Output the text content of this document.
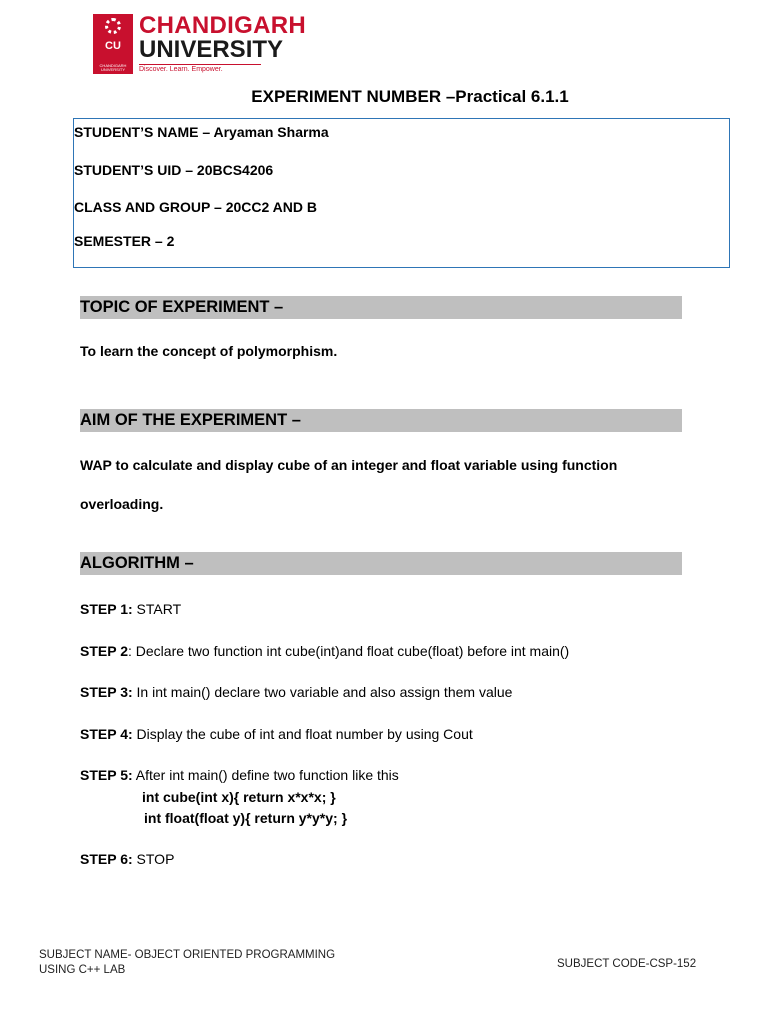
CU
CHANDIGARH UNIVERSITY
CHANDIGARH
UNIVERSITY
Discover. Learn. Empower.
EXPERIMENT NUMBER –Practical 6.1.1
STUDENT’S NAME – Aryaman Sharma
STUDENT’S UID – 20BCS4206
CLASS AND GROUP – 20CC2 AND B
SEMESTER – 2
TOPIC OF EXPERIMENT –
To learn the concept of polymorphism.
AIM OF THE EXPERIMENT –
WAP to calculate and display cube of an integer and float variable using function
overloading.
ALGORITHM –
STEP 1: START
STEP 2: Declare two function int cube(int)and float cube(float) before int main()
STEP 3: In int main() declare two variable and also assign them value
STEP 4: Display the cube of int and float number by using Cout
STEP 5: After int main() define two function like this
int cube(int x){ return x*x*x; }
int float(float y){ return y*y*y; }
STEP 6: STOP
SUBJECT NAME- OBJECT ORIENTED PROGRAMMING
USING C++ LAB	SUBJECT CODE-CSP-152
